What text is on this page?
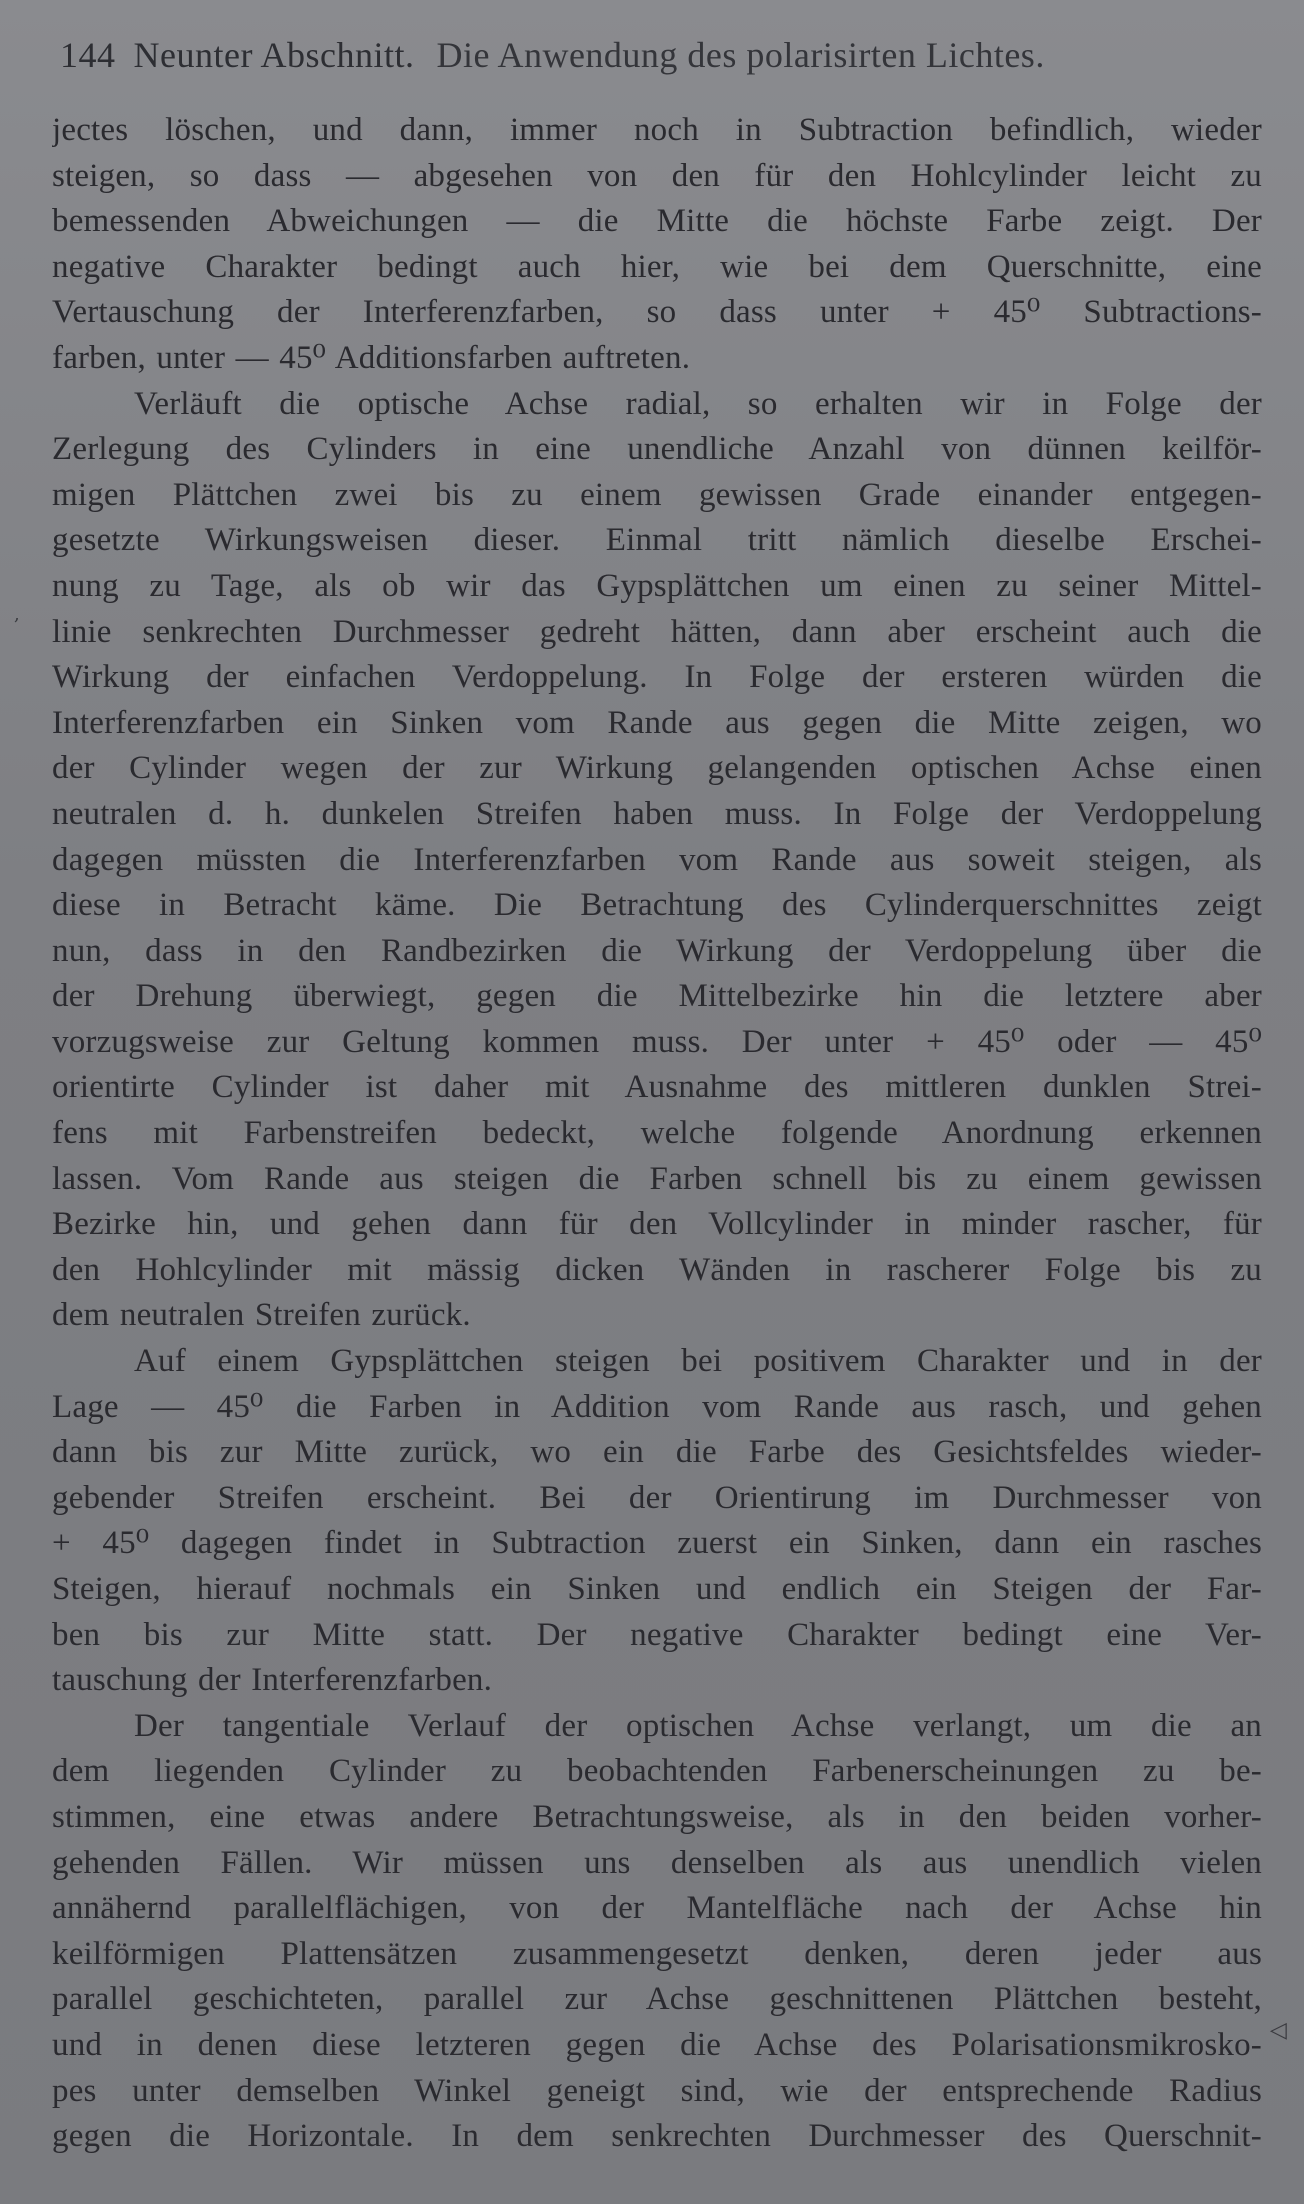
144 Neunter Abschnitt. Die Anwendung des polarisirten Lichtes.
,
jectes löschen, und dann, immer noch in Subtraction befindlich, wieder
steigen, so dass — abgesehen von den für den Hohlcylinder leicht zu
bemessenden Abweichungen — die Mitte die höchste Farbe zeigt. Der
negative Charakter bedingt auch hier, wie bei dem Querschnitte, eine
Vertauschung der Interferenzfarben, so dass unter + 45⁰ Subtractions-
farben, unter — 45⁰ Additionsfarben auftreten.
Verläuft die optische Achse radial, so erhalten wir in Folge der
Zerlegung des Cylinders in eine unendliche Anzahl von dünnen keilför-
migen Plättchen zwei bis zu einem gewissen Grade einander entgegen-
gesetzte Wirkungsweisen dieser. Einmal tritt nämlich dieselbe Erschei-
nung zu Tage, als ob wir das Gypsplättchen um einen zu seiner Mittel-
linie senkrechten Durchmesser gedreht hätten, dann aber erscheint auch die
Wirkung der einfachen Verdoppelung. In Folge der ersteren würden die
Interferenzfarben ein Sinken vom Rande aus gegen die Mitte zeigen, wo
der Cylinder wegen der zur Wirkung gelangenden optischen Achse einen
neutralen d. h. dunkelen Streifen haben muss. In Folge der Verdoppelung
dagegen müssten die Interferenzfarben vom Rande aus soweit steigen, als
diese in Betracht käme. Die Betrachtung des Cylinderquerschnittes zeigt
nun, dass in den Randbezirken die Wirkung der Verdoppelung über die
der Drehung überwiegt, gegen die Mittelbezirke hin die letztere aber
vorzugsweise zur Geltung kommen muss. Der unter + 45⁰ oder — 45⁰
orientirte Cylinder ist daher mit Ausnahme des mittleren dunklen Strei-
fens mit Farbenstreifen bedeckt, welche folgende Anordnung erkennen
lassen. Vom Rande aus steigen die Farben schnell bis zu einem gewissen
Bezirke hin, und gehen dann für den Vollcylinder in minder rascher, für
den Hohlcylinder mit mässig dicken Wänden in rascherer Folge bis zu
dem neutralen Streifen zurück.
Auf einem Gypsplättchen steigen bei positivem Charakter und in der
Lage — 45⁰ die Farben in Addition vom Rande aus rasch, und gehen
dann bis zur Mitte zurück, wo ein die Farbe des Gesichtsfeldes wieder-
gebender Streifen erscheint. Bei der Orientirung im Durchmesser von
+ 45⁰ dagegen findet in Subtraction zuerst ein Sinken, dann ein rasches
Steigen, hierauf nochmals ein Sinken und endlich ein Steigen der Far-
ben bis zur Mitte statt. Der negative Charakter bedingt eine Ver-
tauschung der Interferenzfarben.
Der tangentiale Verlauf der optischen Achse verlangt, um die an
dem liegenden Cylinder zu beobachtenden Farbenerscheinungen zu be-
stimmen, eine etwas andere Betrachtungsweise, als in den beiden vorher-
gehenden Fällen. Wir müssen uns denselben als aus unendlich vielen
annähernd parallelflächigen, von der Mantelfläche nach der Achse hin
keilförmigen Plattensätzen zusammengesetzt denken, deren jeder aus
parallel geschichteten, parallel zur Achse geschnittenen Plättchen besteht,
und in denen diese letzteren gegen die Achse des Polarisationsmikrosko-
pes unter demselben Winkel geneigt sind, wie der entsprechende Radius
gegen die Horizontale. In dem senkrechten Durchmesser des Querschnit-
◁
